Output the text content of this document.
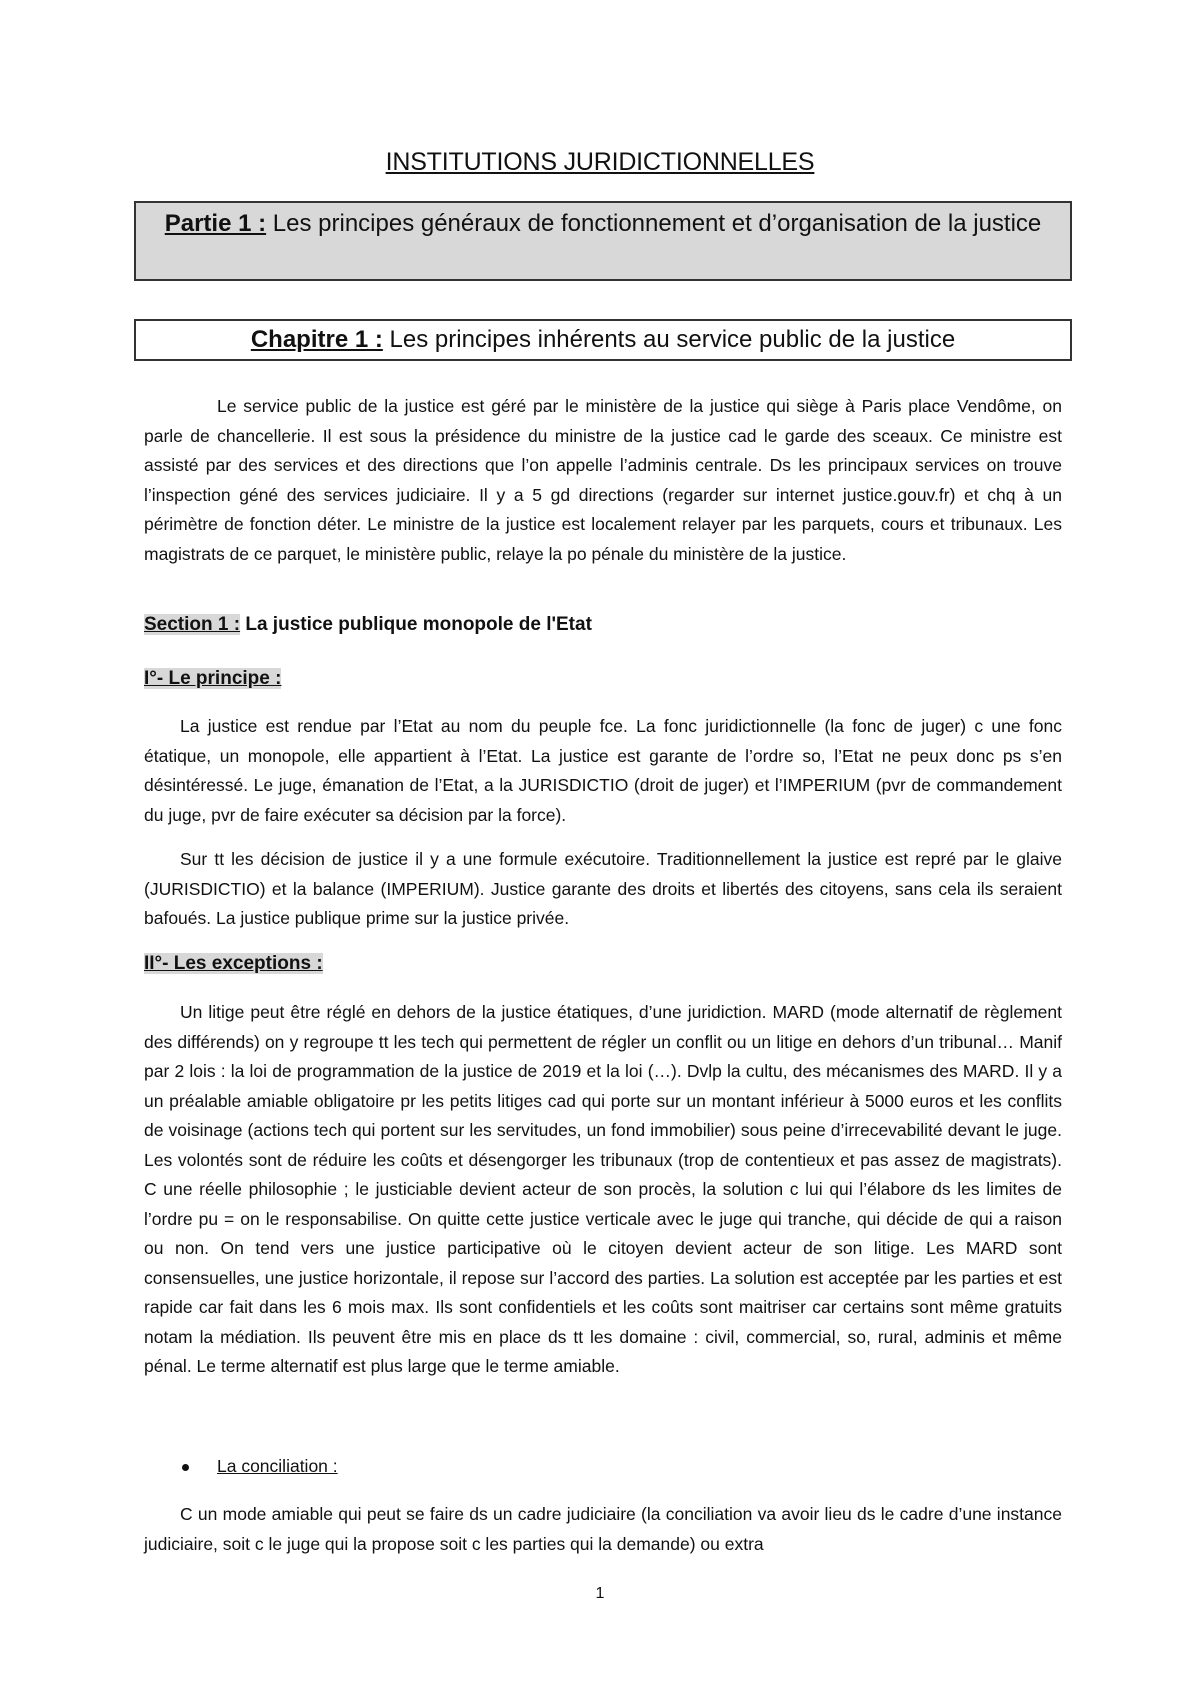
INSTITUTIONS JURIDICTIONNELLES
Partie 1 : Les principes généraux de fonctionnement et d’organisation de la justice
Chapitre 1 : Les principes inhérents au service public de la justice

Le service public de la justice est géré par le ministère de la justice qui siège à Paris place Vendôme, on parle de chancellerie. Il est sous la présidence du ministre de la justice cad le garde des sceaux. Ce ministre est assisté par des services et des directions que l’on appelle l’adminis centrale. Ds les principaux services on trouve l’inspection géné des services judiciaire. Il y a 5 gd directions (regarder sur internet justice.gouv.fr) et chq à un périmètre de fonction déter. Le ministre de la justice est localement relayer par les parquets, cours et tribunaux. Les magistrats de ce parquet, le ministère public, relaye la po pénale du ministère de la justice.

Section 1 : La justice publique monopole de l'Etat

I°- Le principe :

La justice est rendue par l’Etat au nom du peuple fce. La fonc juridictionnelle (la fonc de juger) c une fonc étatique, un monopole, elle appartient à l’Etat. La justice est garante de l’ordre so, l’Etat ne peux donc ps s’en désintéressé. Le juge, émanation de l’Etat, a la JURISDICTIO (droit de juger) et l’IMPERIUM (pvr de commandement du juge, pvr de faire exécuter sa décision par la force).

Sur tt les décision de justice il y a une formule exécutoire. Traditionnellement la justice est repré par le glaive (JURISDICTIO) et la balance (IMPERIUM). Justice garante des droits et libertés des citoyens, sans cela ils seraient bafoués. La justice publique prime sur la justice privée.

II°- Les exceptions :

Un litige peut être réglé en dehors de la justice étatiques, d’une juridiction. MARD (mode alternatif de règlement des différends) on y regroupe tt les tech qui permettent de régler un conflit ou un litige en dehors d’un tribunal… Manif par 2 lois : la loi de programmation de la justice de 2019 et la loi (…). Dvlp la cultu, des mécanismes des MARD. Il y a un préalable amiable obligatoire pr les petits litiges cad qui porte sur un montant inférieur à 5000 euros et les conflits de voisinage (actions tech qui portent sur les servitudes, un fond immobilier) sous peine d’irrecevabilité devant le juge. Les volontés sont de réduire les coûts et désengorger les tribunaux (trop de contentieux et pas assez de magistrats). C une réelle philosophie ; le justiciable devient acteur de son procès, la solution c lui qui l’élabore ds les limites de l’ordre pu = on le responsabilise. On quitte cette justice verticale avec le juge qui tranche, qui décide de qui a raison ou non. On tend vers une justice participative où le citoyen devient acteur de son litige. Les MARD sont consensuelles, une justice horizontale, il repose sur l’accord des parties. La solution est acceptée par les parties et est rapide car fait dans les 6 mois max. Ils sont confidentiels et les coûts sont maitriser car certains sont même gratuits notam la médiation. Ils peuvent être mis en place ds tt les domaine : civil, commercial, so, rural, adminis et même pénal. Le terme alternatif est plus large que le terme amiable.

La conciliation :

C un mode amiable qui peut se faire ds un cadre judiciaire (la conciliation va avoir lieu ds le cadre d’une instance judiciaire, soit c le juge qui la propose soit c les parties qui la demande) ou extra

1
